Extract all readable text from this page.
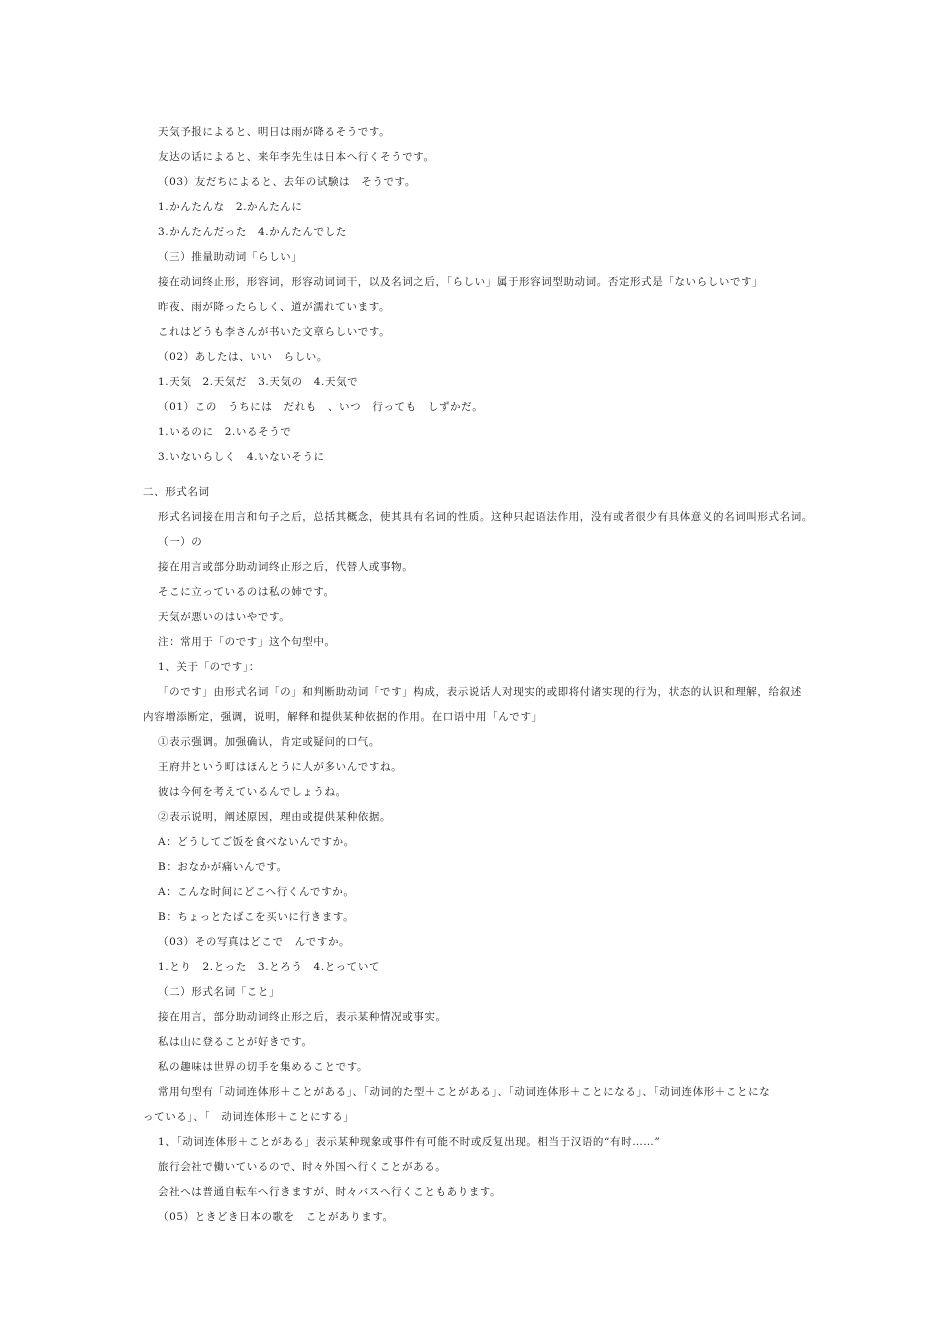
天気予报によると、明日は雨が降るそうです。
友达の话によると、来年李先生は日本へ行くそうです。
（03）友だちによると、去年の试験は　そうです。
1.かんたんな　2.かんたんに
3.かんたんだった　4.かんたんでした
（三）推量助动词「らしい」
接在动词终止形，形容词，形容动词词干，以及名词之后，「らしい」属于形容词型助动词。否定形式是「ないらしいです」
昨夜、雨が降ったらしく、道が濡れています。
これはどうも李さんが书いた文章らしいです。
（02）あしたは、いい　らしい。
1.天気　2.天気だ　3.天気の　4.天気で
（01）この　うちには　だれも　、いつ　行っても　しずかだ。
1.いるのに　2.いるそうで
3.いないらしく　4.いないそうに
二、形式名词
形式名词接在用言和句子之后，总括其概念，使其具有名词的性质。这种只起语法作用，没有或者很少有具体意义的名词叫形式名词。
（一）の
接在用言或部分助动词终止形之后，代替人或事物。
そこに立っているのは私の姉です。
天気が悪いのはいやです。
注：常用于「のです」这个句型中。
1、关于「のです」：
「のです」由形式名词「の」和判断助动词「です」构成，表示说话人对现实的或即将付诸实现的行为，状态的认识和理解，给叙述
内容增添断定，强调，说明，解释和提供某种依据的作用。在口语中用「んです」
①表示强调。加强确认，肯定或疑问的口气。
王府井という町はほんとうに人が多いんですね。
彼は今何を考えているんでしょうね。
②表示说明，阐述原因，理由或提供某种依据。
A：どうしてご饭を食べないんですか。
B：おなかが痛いんです。
A：こんな时间にどこへ行くんですか。
B：ちょっとたばこを买いに行きます。
（03）その写真はどこで　んですか。
1.とり　2.とった　3.とろう　4.とっていて
（二）形式名词「こと」
接在用言，部分助动词终止形之后，表示某种情况或事实。
私は山に登ることが好きです。
私の趣味は世界の切手を集めることです。
常用句型有「动词连体形＋ことがある」、「动词的た型＋ことがある」、「动词连体形＋ことになる」、「动词连体形＋ことにな
っている」、「　动词连体形＋ことにする」
1、「动词连体形＋ことがある」表示某种现象或事件有可能不时或反复出现。相当于汉语的“有时……”
旅行会社で働いているので、时々外国へ行くことがある。
会社へは普通自転车へ行きますが、时々バスへ行くこともあります。
（05）ときどき日本の歌を　ことがあります。
